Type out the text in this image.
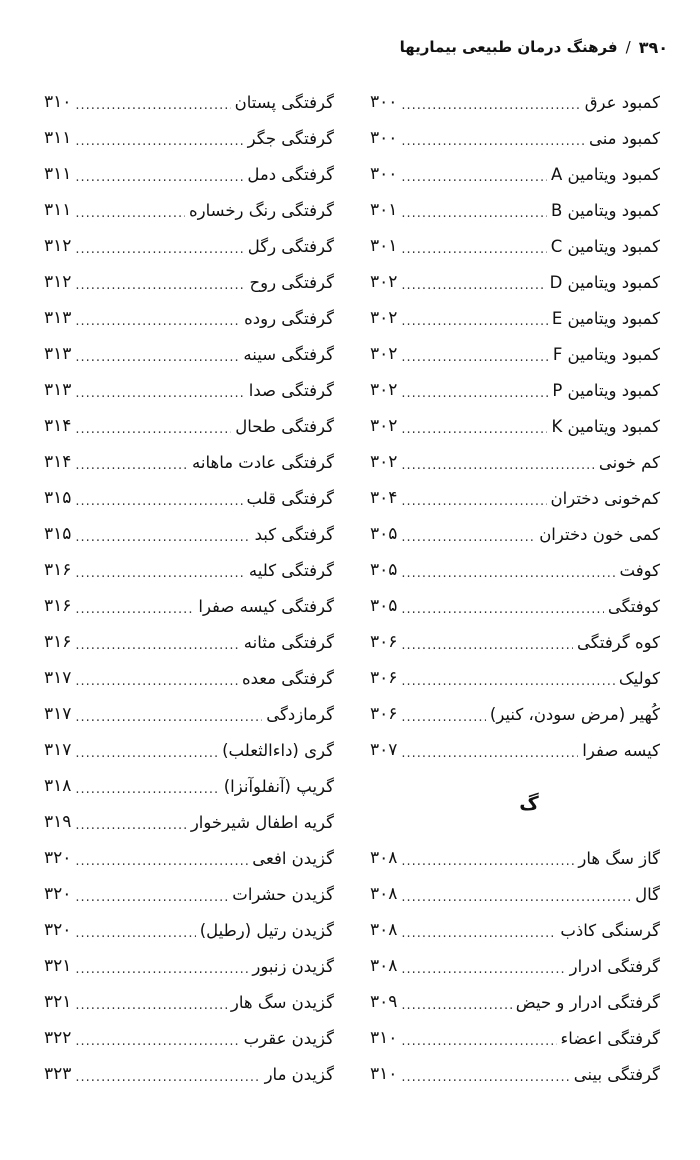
۳۹۰
/
فرهنگ درمان طبیعی بیماریها
کمبود عرق
.....
۳۰۰
کمبود منی
.....
۳۰۰
کمبود ویتامین A
.....
۳۰۰
کمبود ویتامین B
.....
۳۰۱
کمبود ویتامین C
.....
۳۰۱
کمبود ویتامین D
.....
۳۰۲
کمبود ویتامین E
.....
۳۰۲
کمبود ویتامین F
.....
۳۰۲
کمبود ویتامین P
.....
۳۰۲
کمبود ویتامین K
.....
۳۰۲
کم خونی
.....
۳۰۲
کم‌خونی دختران
.....
۳۰۴
کمی خون دختران
.....
۳۰۵
کوفت
.....
۳۰۵
کوفتگی
.....
۳۰۵
کوه گرفتگی
.....
۳۰۶
کولیک
.....
۳۰۶
کُهیر (مرض سودن، کنیر)
.....
۳۰۶
کیسه صفرا
.....
۳۰۷
گ
گاز سگ هار
.....
۳۰۸
گال
.....
۳۰۸
گرسنگی کاذب
.....
۳۰۸
گرفتگی ادرار
.....
۳۰۸
گرفتگی ادرار و حیض
.....
۳۰۹
گرفتگی اعضاء
.....
۳۱۰
گرفتگی بینی
.....
۳۱۰
گرفتگی پستان
.....
۳۱۰
گرفتگی جگر
.....
۳۱۱
گرفتگی دمل
.....
۳۱۱
گرفتگی رنگ رخساره
.....
۳۱۱
گرفتگی رگل
.....
۳۱۲
گرفتگی روح
.....
۳۱۲
گرفتگی روده
.....
۳۱۳
گرفتگی سینه
.....
۳۱۳
گرفتگی صدا
.....
۳۱۳
گرفتگی طحال
.....
۳۱۴
گرفتگی عادت ماهانه
.....
۳۱۴
گرفتگی قلب
.....
۳۱۵
گرفتگی کبد
.....
۳۱۵
گرفتگی کلیه
.....
۳۱۶
گرفتگی کیسه صفرا
.....
۳۱۶
گرفتگی مثانه
.....
۳۱۶
گرفتگی معده
.....
۳۱۷
گرمازدگی
.....
۳۱۷
گری (داءالثعلب)
.....
۳۱۷
گریپ (آنفلوآنزا)
.....
۳۱۸
گریه اطفال شیرخوار
.....
۳۱۹
گزیدن افعی
.....
۳۲۰
گزیدن حشرات
.....
۳۲۰
گزیدن رتیل (رطیل)
.....
۳۲۰
گزیدن زنبور
.....
۳۲۱
گزیدن سگ هار
.....
۳۲۱
گزیدن عقرب
.....
۳۲۲
گزیدن مار
.....
۳۲۳
